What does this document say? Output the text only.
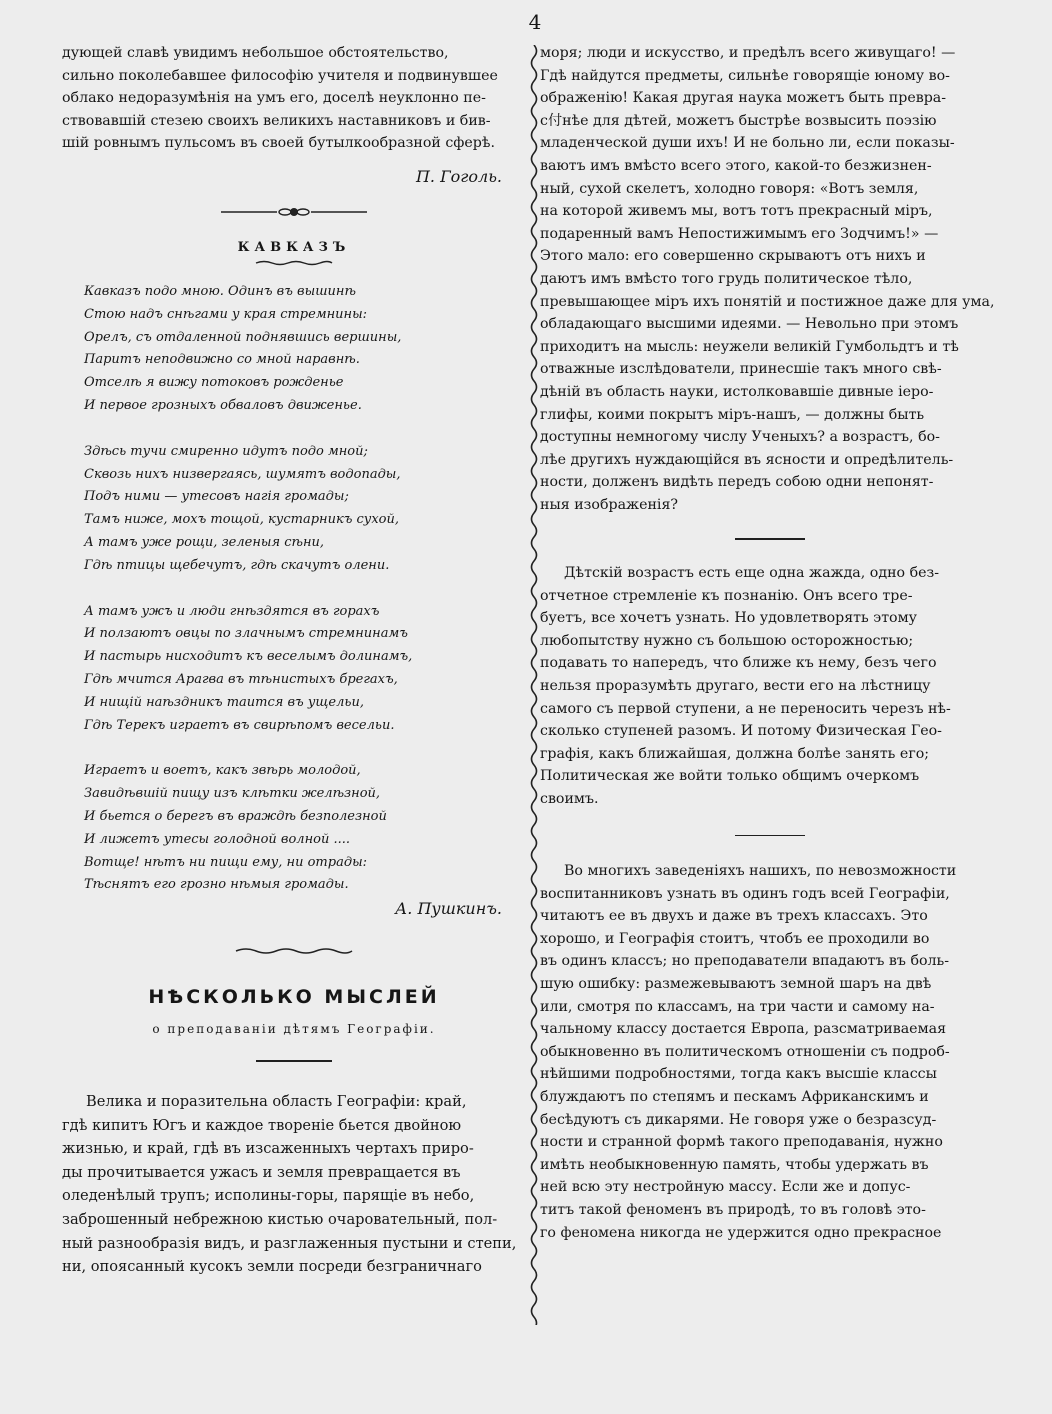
4

дующей славѣ увидимъ небольшое обстоятельство,
сильно поколебавшее философію учителя и подвинувшее
облако недоразумѣнія на умъ его, доселѣ неуклонно пе-
ствовавшій стезею своихъ великихъ наставниковъ и бив-
шій ровнымъ пульсомъ въ своей бутылкообразной сферѣ.

П. Гоголь.
КАВКАЗЪ
Кавказъ подо мною. Одинъ въ вышинѣ
Стою надъ снѣгами у края стремнины:
Орелъ, съ отдаленной поднявшись вершины,
Паритъ неподвижно со мной наравнѣ.
Отселѣ я вижу потоковъ рожденье
И первое грозныхъ обваловъ движенье.
Здѣсь тучи смиренно идутъ подо мной;
Сквозь нихъ низвергаясь, шумятъ водопады,
Подъ ними — утесовъ нагія громады;
Тамъ ниже, мохъ тощой, кустарникъ сухой,
А тамъ уже рощи, зеленыя сѣни,
Гдѣ птицы щебечутъ, гдѣ скачутъ олени.
А тамъ ужъ и люди гнѣздятся въ горахъ
И ползаютъ овцы по злачнымъ стремнинамъ
И пастырь нисходитъ къ веселымъ долинамъ,
Гдѣ мчится Арагва въ тѣнистыхъ брегахъ,
И нищій наѣздникъ таится въ ущельи,
Гдѣ Терекъ играетъ въ свирѣпомъ весельи.
Играетъ и воетъ, какъ звѣрь молодой,
Завидѣвшій пищу изъ клѣтки желѣзной,
И бьется о берегъ въ враждѣ безполезной
И лижетъ утесы голодной волной ....
Вотще! нѣтъ ни пищи ему, ни отрады:
Тѣснятъ его грозно нѣмыя громады.
А. Пушкинъ.
НѢСКОЛЬКО МЫСЛЕЙ
о преподаваніи дѣтямъ Географіи.

Велика и поразительна область Географіи: край,
гдѣ кипитъ Югъ и каждое твореніе бьется двойною
жизнью, и край, гдѣ въ изсаженныхъ чертахъ приро-
ды прочитывается ужасъ и земля превращается въ
оледенѣлый трупъ; исполины-горы, парящіе въ небо,
заброшенный небрежною кистью очаровательный, пол-
ный разнообразія видъ, и разглаженныя пустыни и степи,
ни, опоясанный кусокъ земли посреди безграничнаго

моря; люди и искусство, и предѣлъ всего живущаго! —
Гдѣ найдутся предметы, сильнѣе говорящіе юному во-
ображенію! Какая другая наука можетъ быть превра-
с付нѣе для дѣтей, можетъ быстрѣе возвысить поэзію
младенческой души ихъ! И не больно ли, если показы-
ваютъ имъ вмѣсто всего этого, какой-то безжизнен-
ный, сухой скелетъ, холодно говоря: «Вотъ земля,
на которой живемъ мы, вотъ тотъ прекрасный міръ,
подаренный вамъ Непостижимымъ его Зодчимъ!» —
Этого мало: его совершенно скрываютъ отъ нихъ и
даютъ имъ вмѣсто того грудь политическое тѣло,
превышающее міръ ихъ понятій и постижное даже для ума,
обладающаго высшими идеями. — Невольно при этомъ
приходитъ на мысль: неужели великій Гумбольдтъ и тѣ
отважные изслѣдователи, принесшіе такъ много свѣ-
дѣній въ область науки, истолковавшіе дивные іеро-
глифы, коими покрытъ міръ-нашъ, — должны быть
доступны немногому числу Ученыхъ? а возрастъ, бо-
лѣе другихъ нуждающійся въ ясности и опредѣлитель-
ности, долженъ видѣть передъ собою одни непонят-
ныя изображенія?

Дѣтскій возрастъ есть еще одна жажда, одно без-
отчетное стремленіе къ познанію. Онъ всего тре-
буетъ, все хочетъ узнать. Но удовлетворять этому
любопытству нужно съ большою осторожностью;
подавать то напередъ, что ближе къ нему, безъ чего
нельзя проразумѣть другаго, вести его на лѣстницу
самого съ первой ступени, а не переносить черезъ нѣ-
сколько ступеней разомъ. И потому Физическая Гео-
графія, какъ ближайшая, должна болѣе занять его;
Политическая же войти только общимъ очеркомъ
своимъ.

Во многихъ заведеніяхъ нашихъ, по невозможности
воспитанниковъ узнать въ одинъ годъ всей Географіи,
читаютъ ее въ двухъ и даже въ трехъ классахъ. Это
хорошо, и Географія стоитъ, чтобъ ее проходили во
въ одинъ классъ; но преподаватели впадаютъ въ боль-
шую ошибку: размежевываютъ земной шаръ на двѣ
или, смотря по классамъ, на три части и самому на-
чальному классу достается Европа, разсматриваемая
обыкновенно въ политическомъ отношеніи съ подроб-
нѣйшими подробностями, тогда какъ высшіе классы
блуждаютъ по степямъ и пескамъ Африканскимъ и
бесѣдуютъ съ дикарями. Не говоря уже о безразсуд-
ности и странной формѣ такого преподаванія, нужно
имѣть необыкновенную память, чтобы удержать въ
ней всю эту нестройную массу. Если же и допус-
титъ такой феноменъ въ природѣ, то въ головѣ это-
го феномена никогда не удержится одно прекрасное
